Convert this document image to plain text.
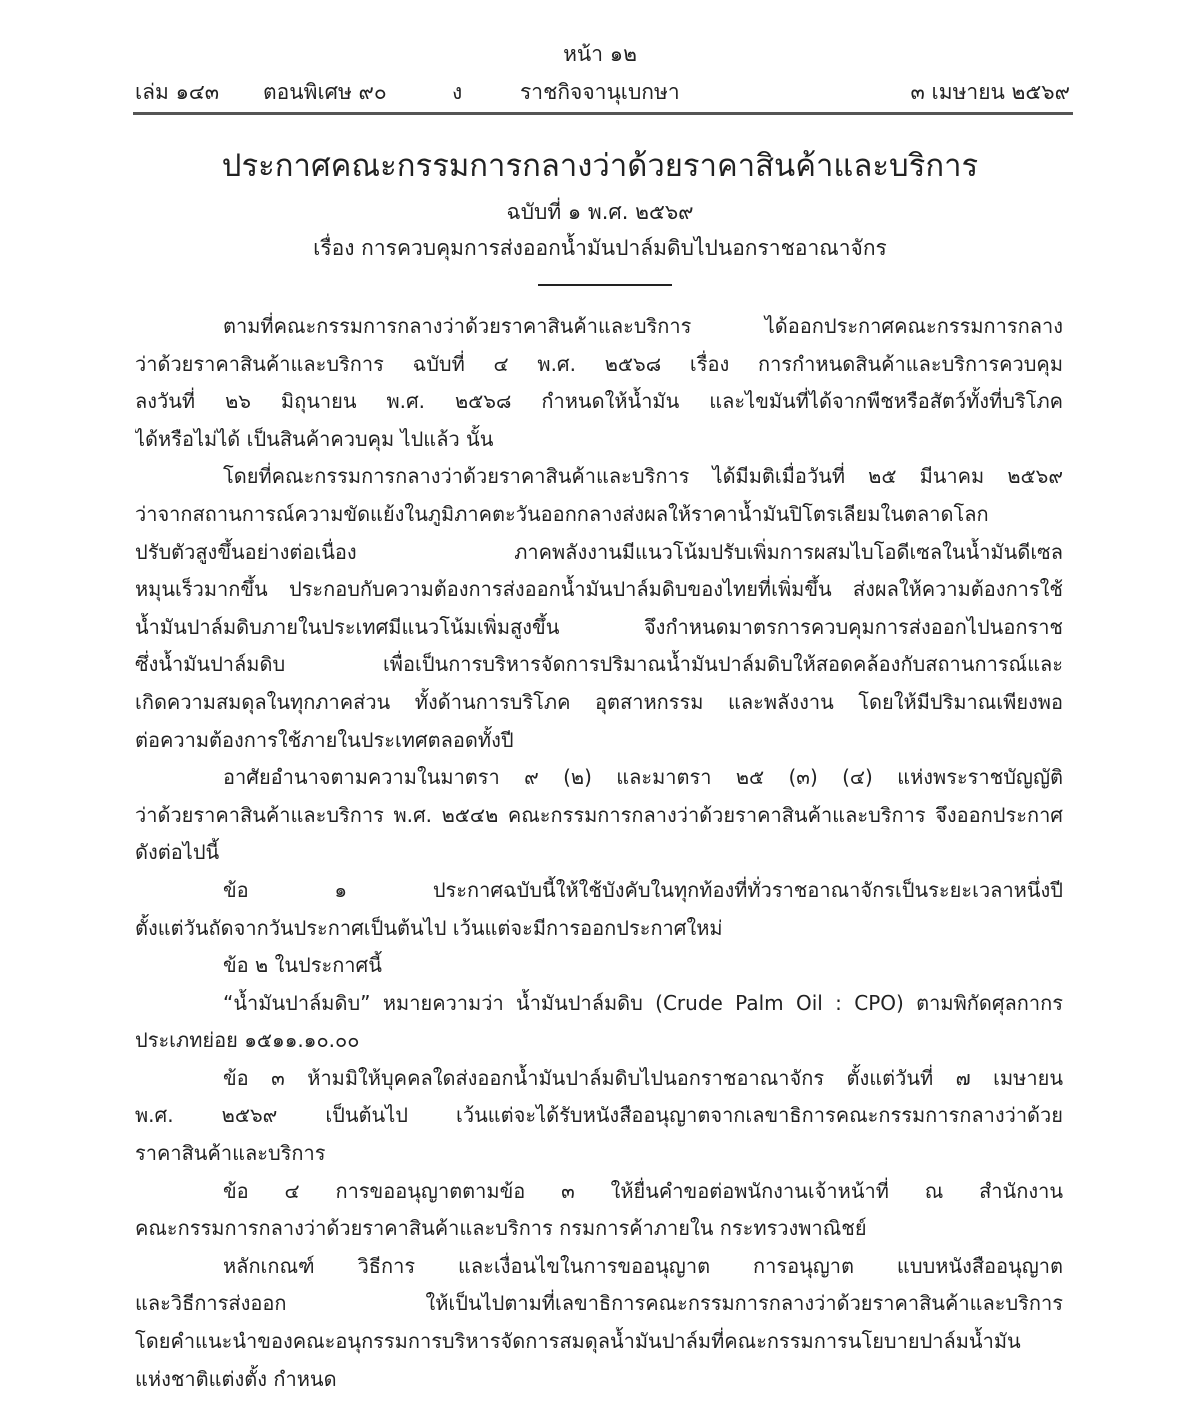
หน้า ๑๒
เล่ม ๑๔๓ ตอนพิเศษ ๙๐	ง	ราชกิจจานุเบกษา	๓ เมษายน ๒๕๖๙
ประกาศคณะกรรมการกลางว่าด้วยราคาสินค้าและบริการ
ฉบับที่ ๑ พ.ศ. ๒๕๖๙
เรื่อง การควบคุมการส่งออกน้ำมันปาล์มดิบไปนอกราชอาณาจักร
ตามที่คณะกรรมการกลางว่าด้วยราคาสินค้าและบริการ ได้ออกประกาศคณะกรรมการกลาง
ว่าด้วยราคาสินค้าและบริการ ฉบับที่ ๔ พ.ศ. ๒๕๖๘ เรื่อง การกำหนดสินค้าและบริการควบคุม
ลงวันที่ ๒๖ มิถุนายน พ.ศ. ๒๕๖๘ กำหนดให้น้ำมัน และไขมันที่ได้จากพืชหรือสัตว์ทั้งที่บริโภค
ได้หรือไม่ได้ เป็นสินค้าควบคุม ไปแล้ว นั้น
โดยที่คณะกรรมการกลางว่าด้วยราคาสินค้าและบริการ ได้มีมติเมื่อวันที่ ๒๕ มีนาคม ๒๕๖๙
ว่าจากสถานการณ์ความขัดแย้งในภูมิภาคตะวันออกกลางส่งผลให้ราคาน้ำมันปิโตรเลียมในตลาดโลก
ปรับตัวสูงขึ้นอย่างต่อเนื่อง ภาคพลังงานมีแนวโน้มปรับเพิ่มการผสมไบโอดีเซลในน้ำมันดีเซล
หมุนเร็วมากขึ้น ประกอบกับความต้องการส่งออกน้ำมันปาล์มดิบของไทยที่เพิ่มขึ้น ส่งผลให้ความต้องการใช้
น้ำมันปาล์มดิบภายในประเทศมีแนวโน้มเพิ่มสูงขึ้น จึงกำหนดมาตรการควบคุมการส่งออกไปนอกราช
ซึ่งน้ำมันปาล์มดิบ เพื่อเป็นการบริหารจัดการปริมาณน้ำมันปาล์มดิบให้สอดคล้องกับสถานการณ์และ
เกิดความสมดุลในทุกภาคส่วน ทั้งด้านการบริโภค อุตสาหกรรม และพลังงาน โดยให้มีปริมาณเพียงพอ
ต่อความต้องการใช้ภายในประเทศตลอดทั้งปี
อาศัยอำนาจตามความในมาตรา ๙ (๒) และมาตรา ๒๕ (๓) (๔) แห่งพระราชบัญญัติ
ว่าด้วยราคาสินค้าและบริการ พ.ศ. ๒๕๔๒ คณะกรรมการกลางว่าด้วยราคาสินค้าและบริการ จึงออกประกาศ
ดังต่อไปนี้
ข้อ ๑ ประกาศฉบับนี้ให้ใช้บังคับในทุกท้องที่ทั่วราชอาณาจักรเป็นระยะเวลาหนึ่งปี
ตั้งแต่วันถัดจากวันประกาศเป็นต้นไป เว้นแต่จะมีการออกประกาศใหม่
ข้อ ๒ ในประกาศนี้
“น้ำมันปาล์มดิบ” หมายความว่า น้ำมันปาล์มดิบ (Crude Palm Oil : CPO) ตามพิกัดศุลกากร
ประเภทย่อย ๑๕๑๑.๑๐.๐๐
ข้อ ๓ ห้ามมิให้บุคคลใดส่งออกน้ำมันปาล์มดิบไปนอกราชอาณาจักร ตั้งแต่วันที่ ๗ เมษายน
พ.ศ. ๒๕๖๙ เป็นต้นไป เว้นแต่จะได้รับหนังสืออนุญาตจากเลขาธิการคณะกรรมการกลางว่าด้วย
ราคาสินค้าและบริการ
ข้อ ๔ การขออนุญาตตามข้อ ๓ ให้ยื่นคำขอต่อพนักงานเจ้าหน้าที่ ณ สำนักงาน
คณะกรรมการกลางว่าด้วยราคาสินค้าและบริการ กรมการค้าภายใน กระทรวงพาณิชย์
หลักเกณฑ์ วิธีการ และเงื่อนไขในการขออนุญาต การอนุญาต แบบหนังสืออนุญาต
และวิธีการส่งออก ให้เป็นไปตามที่เลขาธิการคณะกรรมการกลางว่าด้วยราคาสินค้าและบริการ
โดยคำแนะนำของคณะอนุกรรมการบริหารจัดการสมดุลน้ำมันปาล์มที่คณะกรรมการนโยบายปาล์มน้ำมัน
แห่งชาติแต่งตั้ง กำหนด
